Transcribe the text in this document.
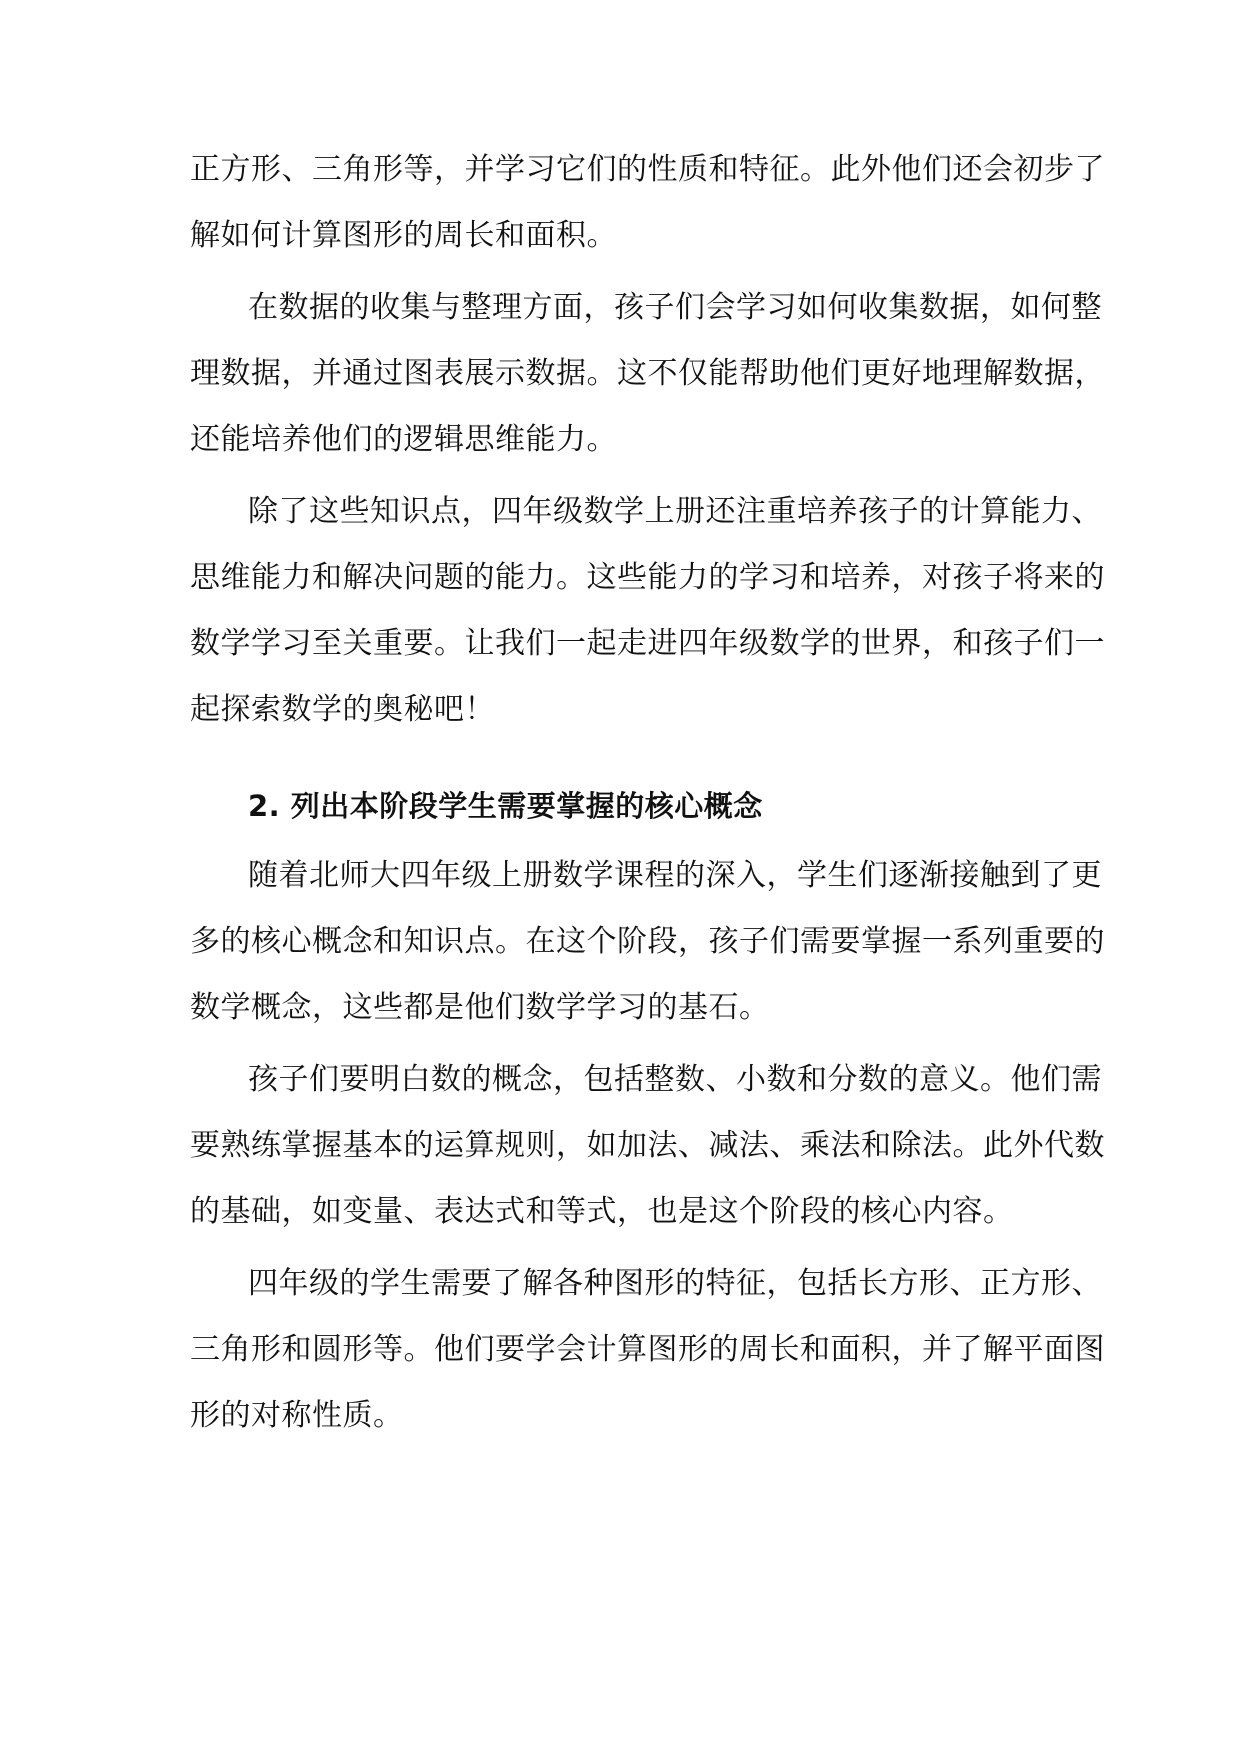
正方形、三角形等，并学习它们的性质和特征。此外他们还会初步了
解如何计算图形的周长和面积。
在数据的收集与整理方面，孩子们会学习如何收集数据，如何整
理数据，并通过图表展示数据。这不仅能帮助他们更好地理解数据，
还能培养他们的逻辑思维能力。
除了这些知识点，四年级数学上册还注重培养孩子的计算能力、
思维能力和解决问题的能力。这些能力的学习和培养，对孩子将来的
数学学习至关重要。让我们一起走进四年级数学的世界，和孩子们一
起探索数学的奥秘吧！
2. 列出本阶段学生需要掌握的核心概念
随着北师大四年级上册数学课程的深入，学生们逐渐接触到了更
多的核心概念和知识点。在这个阶段，孩子们需要掌握一系列重要的
数学概念，这些都是他们数学学习的基石。
孩子们要明白数的概念，包括整数、小数和分数的意义。他们需
要熟练掌握基本的运算规则，如加法、减法、乘法和除法。此外代数
的基础，如变量、表达式和等式，也是这个阶段的核心内容。
四年级的学生需要了解各种图形的特征，包括长方形、正方形、
三角形和圆形等。他们要学会计算图形的周长和面积，并了解平面图
形的对称性质。
